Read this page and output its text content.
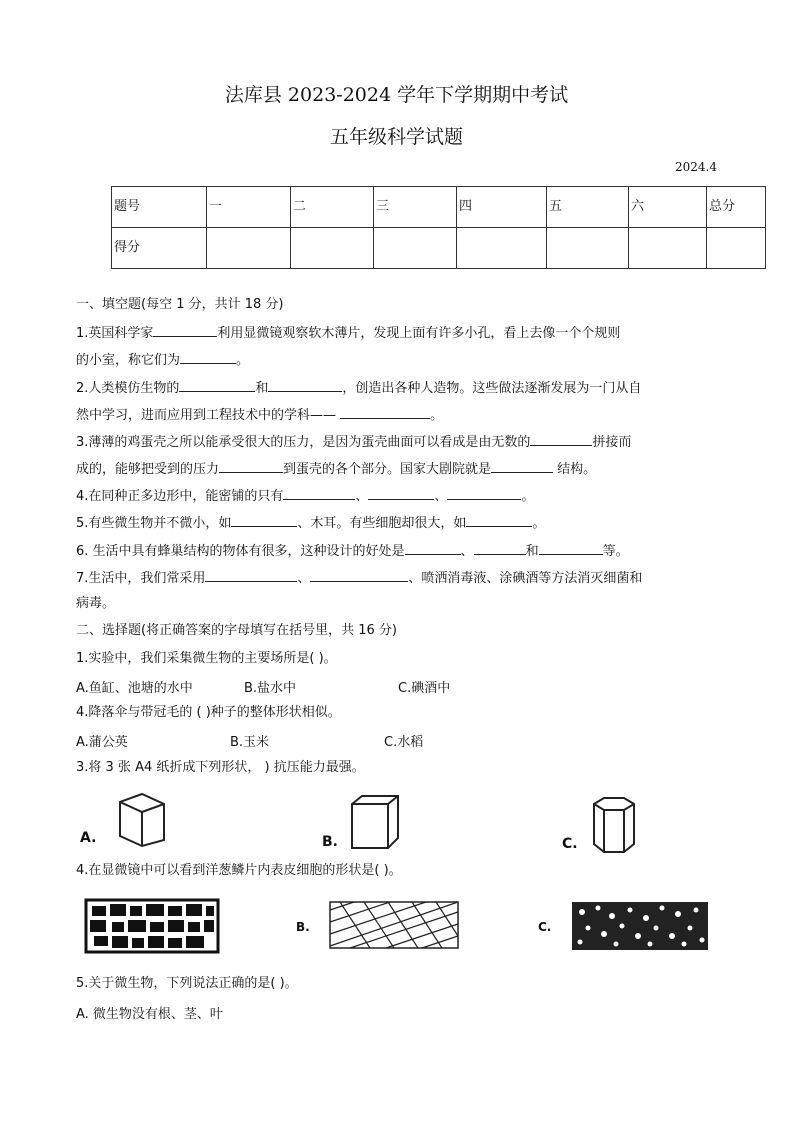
法库县 2023-2024 学年下学期期中考试
五年级科学试题
2024.4
题号	一	二	三	四	五	六	总分
得分							
一、填空题(每空 1 分，共计 18 分)
1.英国科学家	利用显微镜观察软木薄片，发现上面有许多小孔，看上去像一个个规则
的小室，称它们为	。
2.人类模仿生物的	和	，创造出各种人造物。这些做法逐渐发展为一门从自
然中学习，进而应用到工程技术中的学科——	。
3.薄薄的鸡蛋壳之所以能承受很大的压力，是因为蛋壳曲面可以看成是由无数的	拼接而
成的，能够把受到的压力	到蛋壳的各个部分。国家大剧院就是	结构。
4.在同种正多边形中，能密铺的只有	、	、	。
5.有些微生物并不微小，如	、木耳。有些细胞却很大，如	。
6. 生活中具有蜂巢结构的物体有很多，这种设计的好处是	、	和	等。
7.生活中，我们常采用	、	、喷洒消毒液、涂碘酒等方法消灭细菌和
病毒。
二、选择题(将正确答案的字母填写在括号里，共 16 分)
1.实验中，我们采集微生物的主要场所是( )。
A.鱼缸、池塘的水中	B.盐水中	C.碘酒中
4.降落伞与带冠毛的 ( )种子的整体形状相似。
A.蒲公英	B.玉米	C.水稻
3.将 3 张 A4 纸折成下列形状， ) 抗压能力最强。
A.	B.	C.
4.在显微镜中可以看到洋葱鳞片内表皮细胞的形状是( )。
B.	C.
5.关于微生物，下列说法正确的是( )。
A. 微生物没有根、茎、叶
